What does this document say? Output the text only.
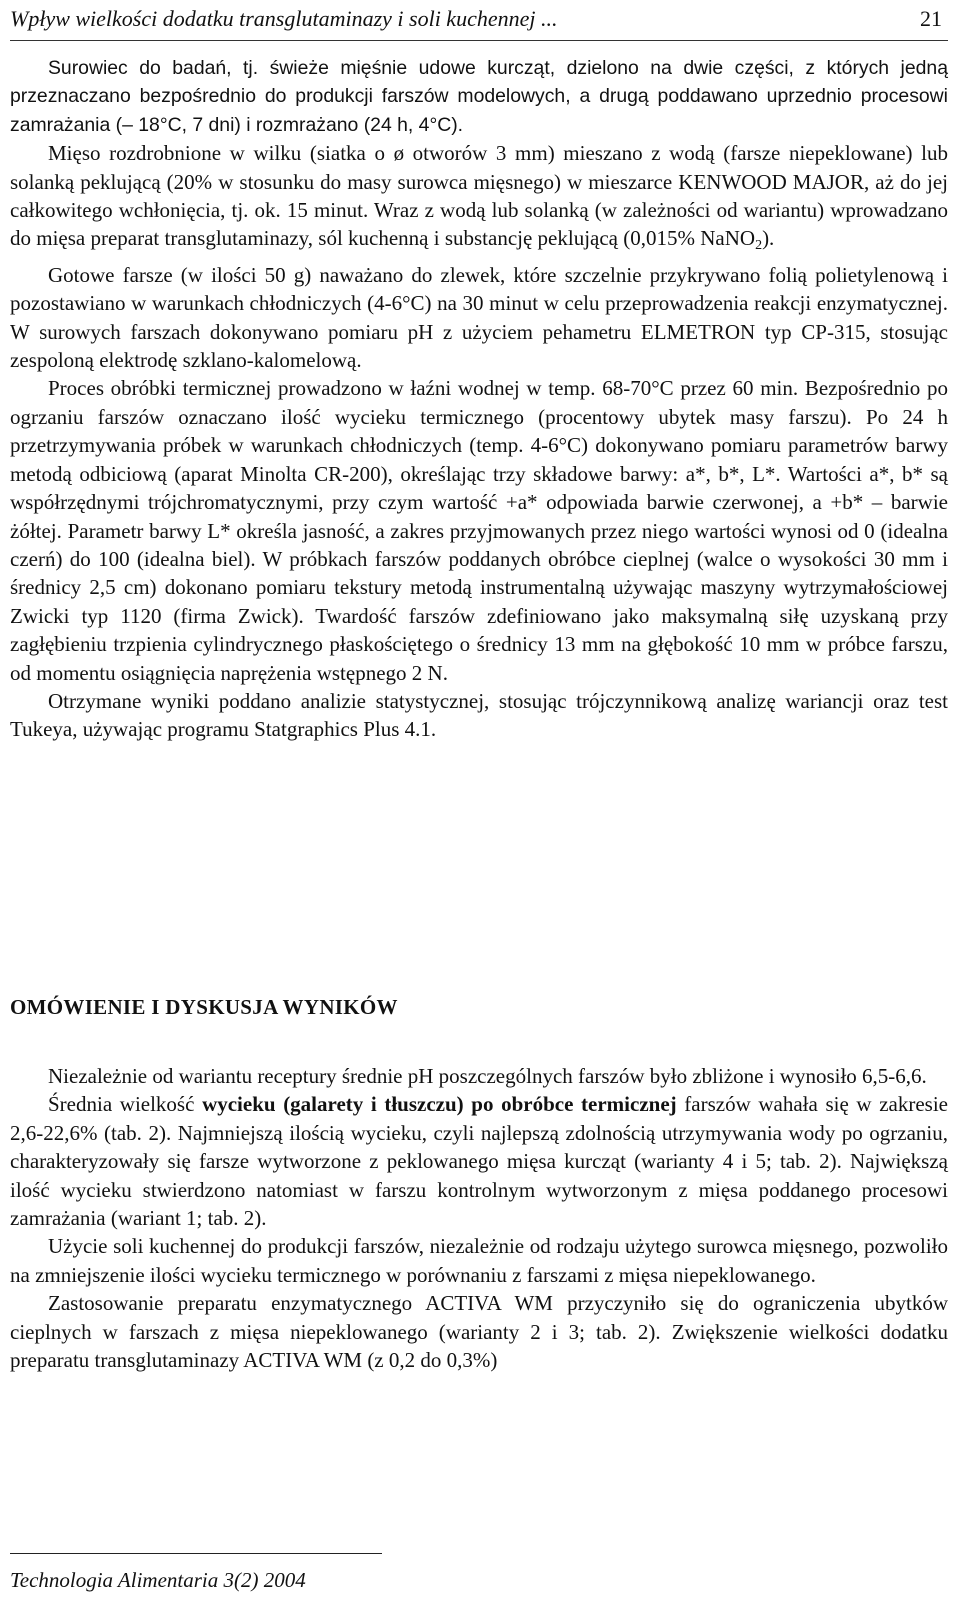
Wpływ wielkości dodatku transglutaminazy i soli kuchennej ...	21

Surowiec do badań, tj. świeże mięśnie udowe kurcząt, dzielono na dwie części, z których jedną przeznaczano bezpośrednio do produkcji farszów modelowych, a drugą poddawano uprzednio procesowi zamrażania (– 18°C, 7 dni) i rozmrażano (24 h, 4°C).

Mięso rozdrobnione w wilku (siatka o ø otworów 3 mm) mieszano z wodą (farsze niepeklowane) lub solanką peklującą (20% w stosunku do masy surowca mięsnego) w mieszarce KENWOOD MAJOR, aż do jej całkowitego wchłonięcia, tj. ok. 15 minut. Wraz z wodą lub solanką (w zależności od wariantu) wprowadzano do mięsa preparat transglutaminazy, sól kuchenną i substancję peklującą (0,015% NaNO$_2$).

Gotowe farsze (w ilości 50 g) naważano do zlewek, które szczelnie przykrywano folią polietylenową i pozostawiano w warunkach chłodniczych (4-6°C) na 30 minut w celu przeprowadzenia reakcji enzymatycznej. W surowych farszach dokonywano pomiaru pH z użyciem pehametru ELMETRON typ CP-315, stosując zespoloną elektrodę szklano-kalomelową.

Proces obróbki termicznej prowadzono w łaźni wodnej w temp. 68-70°C przez 60 min. Bezpośrednio po ogrzaniu farszów oznaczano ilość wycieku termicznego (procentowy ubytek masy farszu). Po 24 h przetrzymywania próbek w warunkach chłodniczych (temp. 4-6°C) dokonywano pomiaru parametrów barwy metodą odbiciową (aparat Minolta CR-200), określając trzy składowe barwy: a*, b*, L*. Wartości a*, b* są współrzędnymi trójchromatycznymi, przy czym wartość +a* odpowiada barwie czerwonej, a +b* – barwie żółtej. Parametr barwy L* określa jasność, a zakres przyjmowanych przez niego wartości wynosi od 0 (idealna czerń) do 100 (idealna biel). W próbkach farszów poddanych obróbce cieplnej (walce o wysokości 30 mm i średnicy 2,5 cm) dokonano pomiaru tekstury metodą instrumentalną używając maszyny wytrzymałościowej Zwicki typ 1120 (firma Zwick). Twardość farszów zdefiniowano jako maksymalną siłę uzyskaną przy zagłębieniu trzpienia cylindrycznego płaskościętego o średnicy 13 mm na głębokość 10 mm w próbce farszu, od momentu osiągnięcia naprężenia wstępnego 2 N.

Otrzymane wyniki poddano analizie statystycznej, stosując trójczynnikową analizę wariancji oraz test Tukeya, używając programu Statgraphics Plus 4.1.

OMÓWIENIE I DYSKUSJA WYNIKÓW

Niezależnie od wariantu receptury średnie pH poszczególnych farszów było zbliżone i wynosiło 6,5-6,6.

Średnia wielkość wycieku (galarety i tłuszczu) po obróbce termicznej farszów wahała się w zakresie 2,6-22,6% (tab. 2). Najmniejszą ilością wycieku, czyli najlepszą zdolnością utrzymywania wody po ogrzaniu, charakteryzowały się farsze wytworzone z peklowanego mięsa kurcząt (warianty 4 i 5; tab. 2). Największą ilość wycieku stwierdzono natomiast w farszu kontrolnym wytworzonym z mięsa poddanego procesowi zamrażania (wariant 1; tab. 2).

Użycie soli kuchennej do produkcji farszów, niezależnie od rodzaju użytego surowca mięsnego, pozwoliło na zmniejszenie ilości wycieku termicznego w porównaniu z farszami z mięsa niepeklowanego.

Zastosowanie preparatu enzymatycznego ACTIVA WM przyczyniło się do ograniczenia ubytków cieplnych w farszach z mięsa niepeklowanego (warianty 2 i 3; tab. 2). Zwiększenie wielkości dodatku preparatu transglutaminazy ACTIVA WM (z 0,2 do 0,3%)

Technologia Alimentaria 3(2) 2004
